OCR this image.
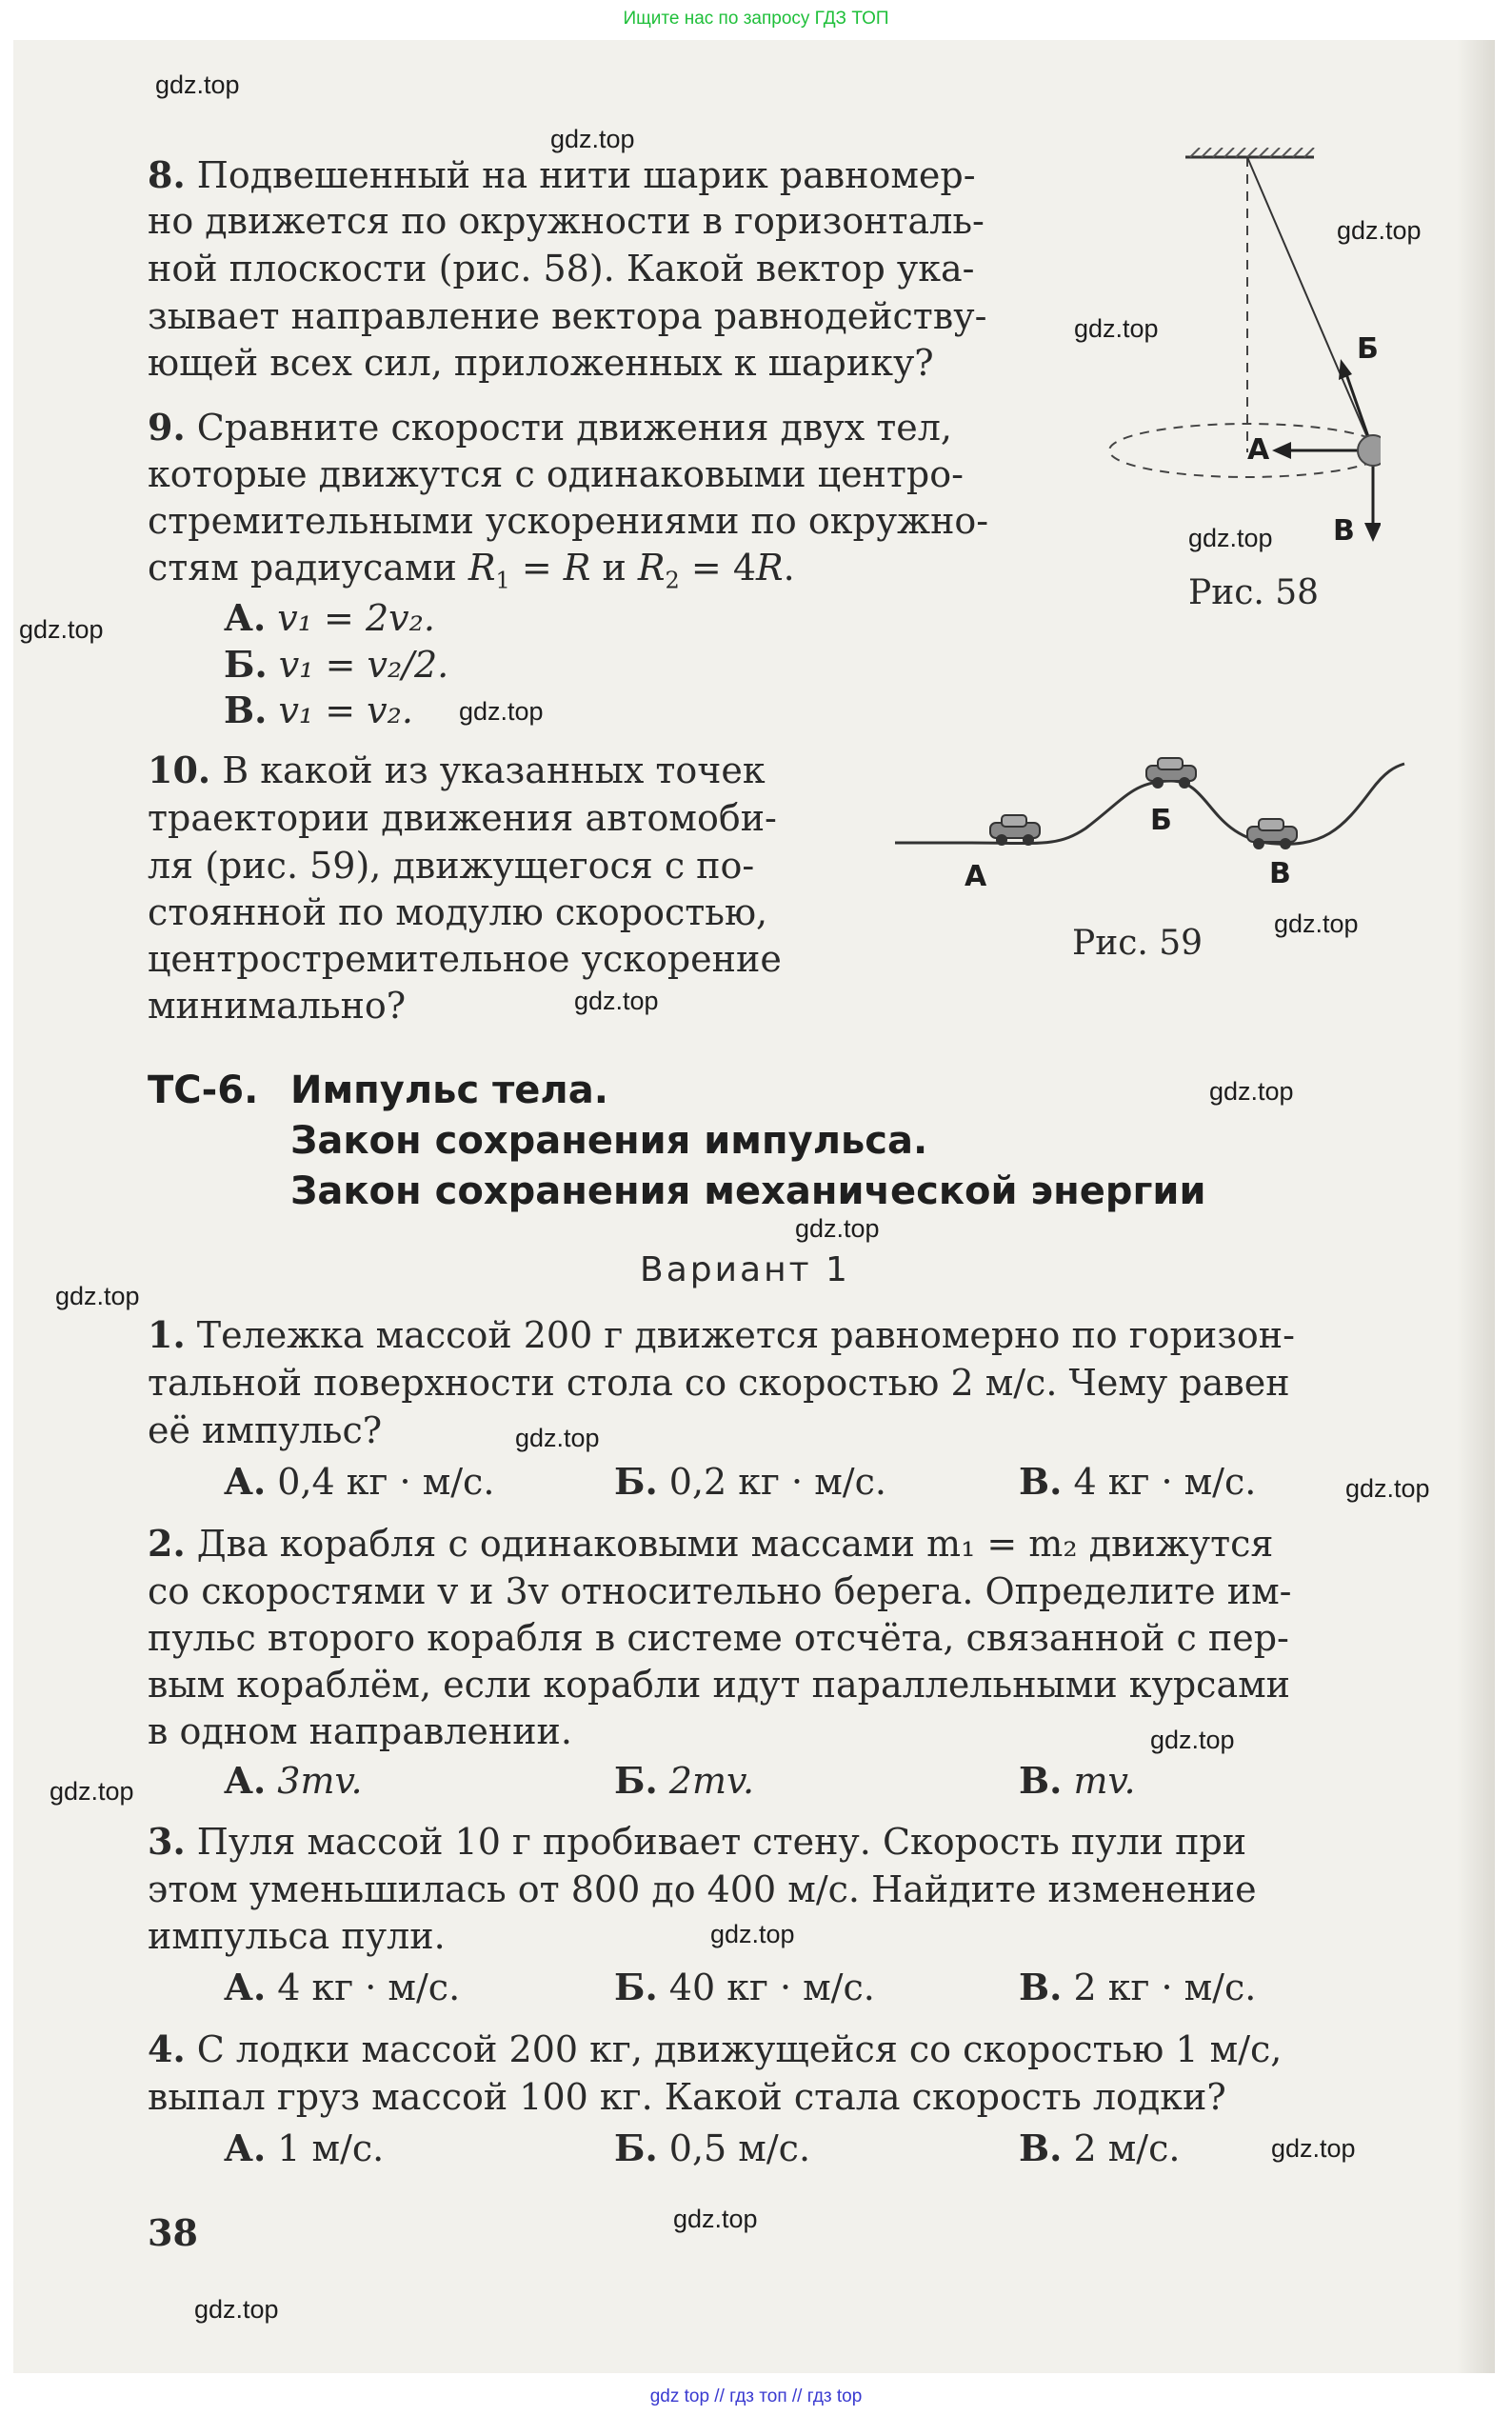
Ищите нас по запросу ГДЗ ТОП
gdz.top
gdz.top
gdz.top
gdz.top
gdz.top
gdz.top
gdz.top
gdz.top
gdz.top
gdz.top
gdz.top
gdz.top
gdz.top
gdz.top
gdz.top
gdz.top
gdz.top
gdz.top
gdz.top
gdz.top
8. Подвешенный на нити шарик равномер-
но движется по окружности в горизонталь-
ной плоскости (рис. 58). Какой вектор ука-
зывает направление вектора равнодейству-
ющей всех сил, приложенных к шарику?	Б
А
В
Рис. 58
9. Сравните скорости движения двух тел,
которые движутся с одинаковыми центро-
стремительными ускорениями по окружно-
стям радиусами $R_1 = R$ и $R_2 = 4R$.
А. v₁ = 2v₂.
Б. v₁ = v₂/2.
В. v₁ = v₂.
10. В какой из указанных точек
траектории движения автомоби-
ля (рис. 59), движущегося с по-
стоянной по модулю скоростью,
центростремительное ускорение
минимально?
А
Б
В
Рис. 59
ТС-6. Импульс тела.
Закон сохранения импульса.
Закон сохранения механической энергии
Вариант 1
1. Тележка массой 200 г движется равномерно по горизон-
тальной поверхности стола со скоростью 2 м/с. Чему равен
её импульс?
А. 0,4 кг · м/с.	Б. 0,2 кг · м/с.	В. 4 кг · м/с.
2. Два корабля с одинаковыми массами m₁ = m₂ движутся
со скоростями v и 3v относительно берега. Определите им-
пульс второго корабля в системе отсчёта, связанной с пер-
вым кораблём, если корабли идут параллельными курсами
в одном направлении.
А. 3mv.	Б. 2mv.	В. mv.
3. Пуля массой 10 г пробивает стену. Скорость пули при
этом уменьшилась от 800 до 400 м/с. Найдите изменение
импульса пули.
А. 4 кг · м/с.	Б. 40 кг · м/с.	В. 2 кг · м/с.
4. С лодки массой 200 кг, движущейся со скоростью 1 м/с,
выпал груз массой 100 кг. Какой стала скорость лодки?
А. 1 м/с.	Б. 0,5 м/с.	В. 2 м/с.
38
gdz top // гдз топ // гдз top
